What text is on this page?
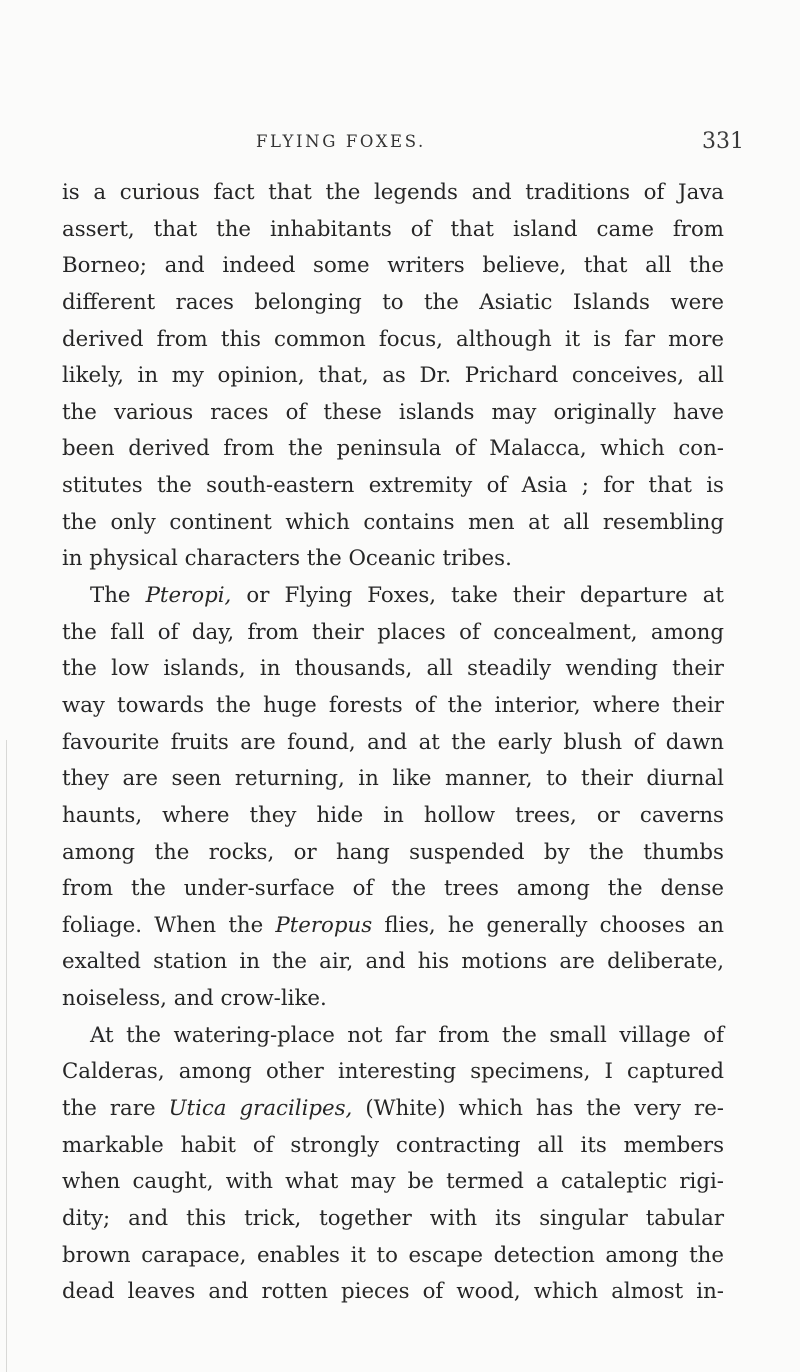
FLYING FOXES.	331
is a curious fact that the legends and traditions of Java
assert, that the inhabitants of that island came from
Borneo; and indeed some writers believe, that all the
different races belonging to the Asiatic Islands were
derived from this common focus, although it is far more
likely, in my opinion, that, as Dr. Prichard conceives, all
the various races of these islands may originally have
been derived from the peninsula of Malacca, which con-
stitutes the south-eastern extremity of Asia ; for that is
the only continent which contains men at all resembling
in physical characters the Oceanic tribes.
The Pteropi, or Flying Foxes, take their departure at
the fall of day, from their places of concealment, among
the low islands, in thousands, all steadily wending their
way towards the huge forests of the interior, where their
favourite fruits are found, and at the early blush of dawn
they are seen returning, in like manner, to their diurnal
haunts, where they hide in hollow trees, or caverns
among the rocks, or hang suspended by the thumbs
from the under-surface of the trees among the dense
foliage. When the Pteropus flies, he generally chooses an
exalted station in the air, and his motions are deliberate,
noiseless, and crow-like.
At the watering-place not far from the small village of
Calderas, among other interesting specimens, I captured
the rare Utica gracilipes, (White) which has the very re-
markable habit of strongly contracting all its members
when caught, with what may be termed a cataleptic rigi-
dity; and this trick, together with its singular tabular
brown carapace, enables it to escape detection among the
dead leaves and rotten pieces of wood, which almost in-
